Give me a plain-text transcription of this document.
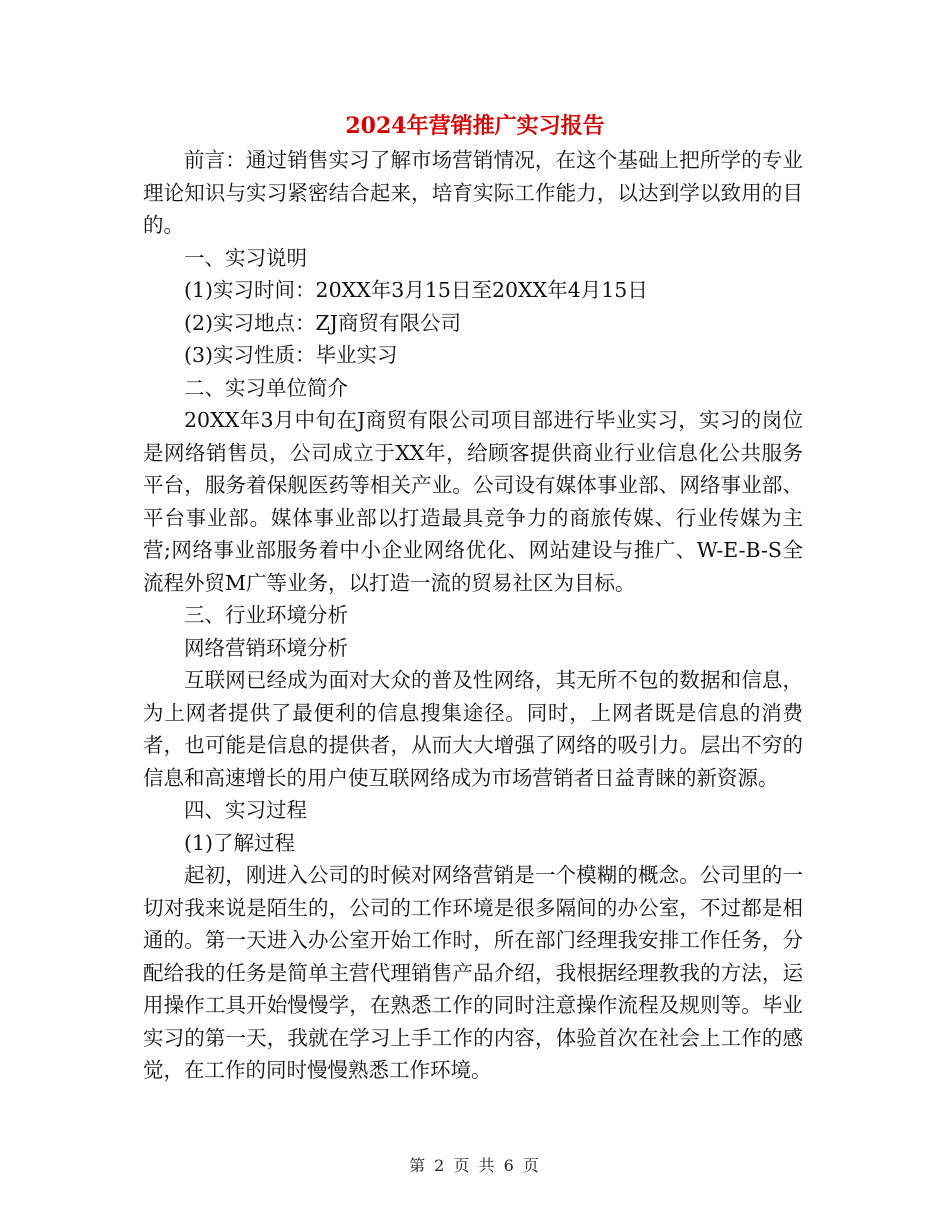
2024年营销推广实习报告

前言：通过销售实习了解市场营销情况，在这个基础上把所学的专业理论知识与实习紧密结合起来，培育实际工作能力，以达到学以致用的目的。

一、实习说明

(1)实习时间：20XX年3月15日至20XX年4月15日

(2)实习地点：ZJ商贸有限公司

(3)实习性质：毕业实习

二、实习单位简介

20XX年3月中旬在J商贸有限公司项目部进行毕业实习，实习的岗位是网络销售员，公司成立于XX年，给顾客提供商业行业信息化公共服务平台，服务着保舰医药等相关产业。公司设有媒体事业部、网络事业部、平台事业部。媒体事业部以打造最具竞争力的商旅传媒、行业传媒为主营;网络事业部服务着中小企业网络优化、网站建设与推广、W-E-B-S全流程外贸M广等业务，以打造一流的贸易社区为目标。

三、行业环境分析

网络营销环境分析

互联网已经成为面对大众的普及性网络，其无所不包的数据和信息，为上网者提供了最便利的信息搜集途径。同时，上网者既是信息的消费者，也可能是信息的提供者，从而大大增强了网络的吸引力。层出不穷的信息和高速增长的用户使互联网络成为市场营销者日益青睐的新资源。

四、实习过程

(1)了解过程

起初，刚进入公司的时候对网络营销是一个模糊的概念。公司里的一切对我来说是陌生的，公司的工作环境是很多隔间的办公室，不过都是相通的。第一天进入办公室开始工作时，所在部门经理我安排工作任务，分配给我的任务是简单主营代理销售产品介绍，我根据经理教我的方法，运用操作工具开始慢慢学，在熟悉工作的同时注意操作流程及规则等。毕业实习的第一天，我就在学习上手工作的内容，体验首次在社会上工作的感觉，在工作的同时慢慢熟悉工作环境。

第 2 页 共 6 页
